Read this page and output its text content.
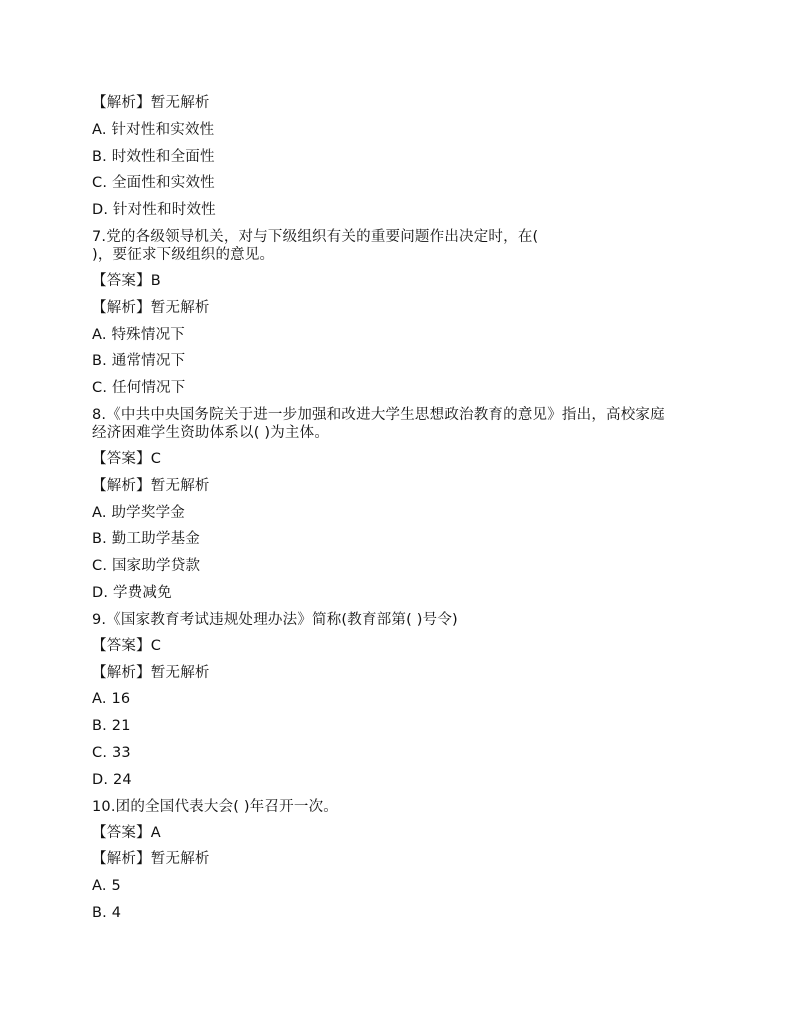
【解析】暂无解析
A. 针对性和实效性
B. 时效性和全面性
C. 全面性和实效性
D. 针对性和时效性
7.党的各级领导机关，对与下级组织有关的重要问题作出决定时，在(
)，要征求下级组织的意见。
【答案】B
【解析】暂无解析
A. 特殊情况下
B. 通常情况下
C. 任何情况下
8.《中共中央国务院关于进一步加强和改进大学生思想政治教育的意见》指出，高校家庭
经济困难学生资助体系以( )为主体。
【答案】C
【解析】暂无解析
A. 助学奖学金
B. 勤工助学基金
C. 国家助学贷款
D. 学费减免
9.《国家教育考试违规处理办法》简称(教育部第( )号令)
【答案】C
【解析】暂无解析
A. 16
B. 21
C. 33
D. 24
10.团的全国代表大会( )年召开一次。
【答案】A
【解析】暂无解析
A. 5
B. 4
